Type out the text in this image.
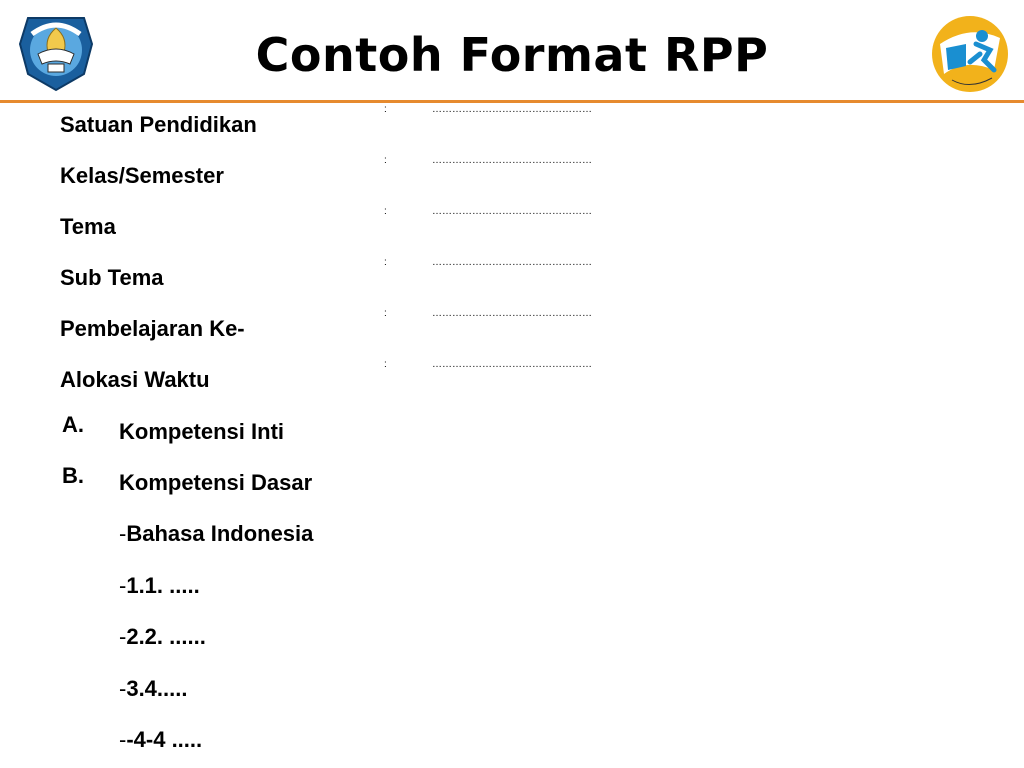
Contoh Format RPP
Satuan Pendidikan
:	…………………………………………
Kelas/Semester
:	…………………………………………
Tema
:	…………………………………………
Sub Tema
:	…………………………………………
Pembelajaran Ke-
:	…………………………………………
Alokasi Waktu
:	…………………………………………
A. Kompetensi Inti
B. Kompetensi Dasar
-Bahasa Indonesia
-1.1. .....
-2.2. ......
-3.4.....
--4-4 .....
